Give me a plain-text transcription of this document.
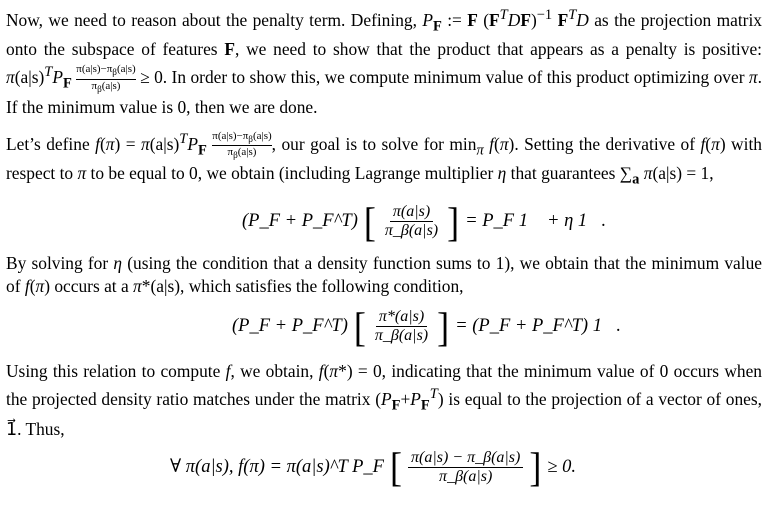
Now, we need to reason about the penalty term. Defining, $P_F$ := F $(F^TDF)^{-1}$ $F^TD$ as the projection matrix onto the subspace of features F, we need to show that the product that appears as a penalty is positive: $\pi(a|s)^TP_F \frac{\pi(a|s)-\pi_\beta(a|s)}{\pi_\beta(a|s)} \ge 0$. In order to show this, we compute minimum value of this product optimizing over π. If the minimum value is 0, then we are done.

Let’s define $f(\pi) = \pi(a|s)^TP_F \frac{\pi(a|s)-\pi_\beta(a|s)}{\pi_\beta(a|s)}$ , our goal is to solve for $\min_\pi f(\pi)$. Setting the derivative of f(π) with respect to π to be equal to 0, we obtain (including Lagrange multiplier η that guarantees $\sum_a$ π(a|s) = 1,

(P_F + P_F^T) [ $\frac{\pi(a|s)}{\pi\_\beta(a|s)}$ ] = P_F 1⃗ + η 1⃗.

By solving for η (using the condition that a density function sums to 1), we obtain that the minimum value of f(π) occurs at a π*(a|s), which satisfies the following condition,

(P_F + P_F^T) [ $\frac{\pi*(a|s)}{\pi\_\beta(a|s)}$ ] = (P_F + P_F^T) 1⃗.

Using this relation to compute f, we obtain, f(π*) = 0, indicating that the minimum value of 0 occurs when the projected density ratio matches under the matrix $(P_F+P_F^T)$ is equal to the projection of a vector of ones, 1⃗. Thus,

∀ π(a|s), f(π) = π(a|s)^T P_F [ $\frac{\pi(a|s) - \pi\_\beta(a|s)}{\pi\_\beta(a|s)}$ ] ≥ 0.
